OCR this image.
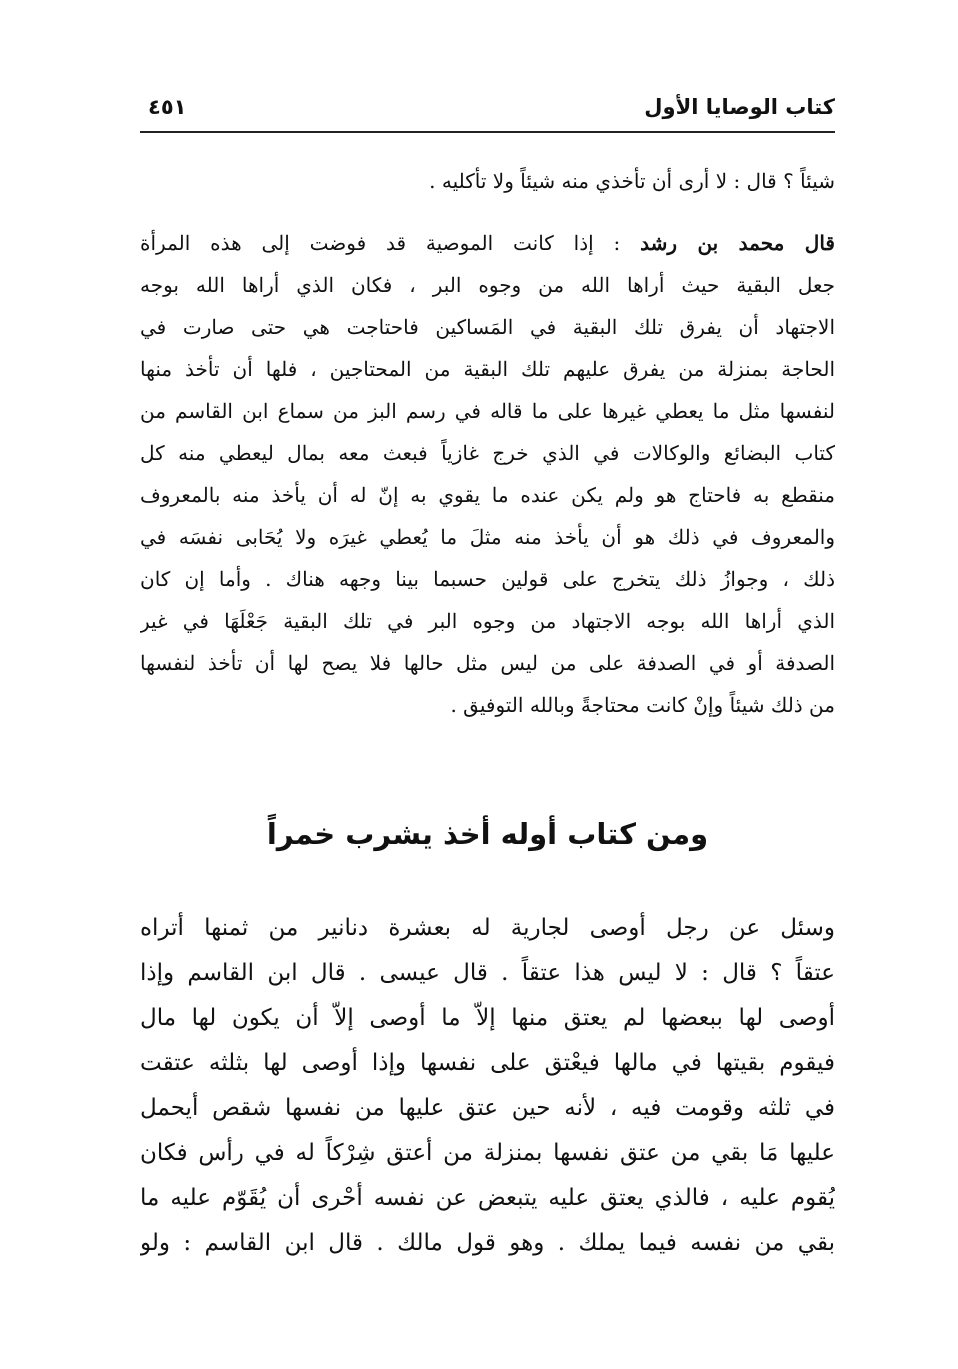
كتاب الوصايا الأول
٤٥١
شيئاً ؟ قال : لا أرى أن تأخذي منه شيئاً ولا تأكليه .
قال محمد بن رشد : إذا كانت الموصية قد فوضت إلى هذه المرأة
جعل البقية حيث أراها الله من وجوه البر ، فكان الذي أراها الله بوجه
الاجتهاد أن يفرق تلك البقية في المَساكين فاحتاجت هي حتى صارت في
الحاجة بمنزلة من يفرق عليهم تلك البقية من المحتاجين ، فلها أن تأخذ منها
لنفسها مثل ما يعطي غيرها على ما قاله في رسم البز من سماع ابن القاسم من
كتاب البضائع والوكالات في الذي خرج غازياً فبعث معه بمال ليعطي منه كل
منقطع به فاحتاج هو ولم يكن عنده ما يقوي به إنّ له أن يأخذ منه بالمعروف
والمعروف في ذلك هو أن يأخذ منه مثلَ ما يُعطي غيرَه ولا يُحَابى نفسَه في
ذلك ، وجوازُ ذلك يتخرج على قولين حسبما بينا وجهه هناك . وأما إن كان
الذي أراها الله بوجه الاجتهاد من وجوه البر في تلك البقية جَعْلَهَا في غير
الصدفة أو في الصدفة على من ليس مثل حالها فلا يصح لها أن تأخذ لنفسها
من ذلك شيئاً وإنْ كانت محتاجةً وبالله التوفيق .
ومن كتاب أوله أخذ يشرب خمراً
وسئل عن رجل أوصى لجارية له بعشرة دنانير من ثمنها أتراه
عتقاً ؟ قال : لا ليس هذا عتقاً . قال عيسى . قال ابن القاسم وإذا
أوصى لها ببعضها لم يعتق منها إلاّ ما أوصى إلاّ أن يكون لها مال
فيقوم بقيتها في مالها فيعْتق على نفسها وإذا أوصى لها بثلثه عتقت
في ثلثه وقومت فيه ، لأنه حين عتق عليها من نفسها شقص أيحمل
عليها مَا بقي من عتق نفسها بمنزلة من أعتق شِرْكاً له في رأس فكان
يُقوم عليه ، فالذي يعتق عليه يتبعض عن نفسه أحْرى أن يُقَوّم عليه ما
بقي من نفسه فيما يملك . وهو قول مالك . قال ابن القاسم : ولو
